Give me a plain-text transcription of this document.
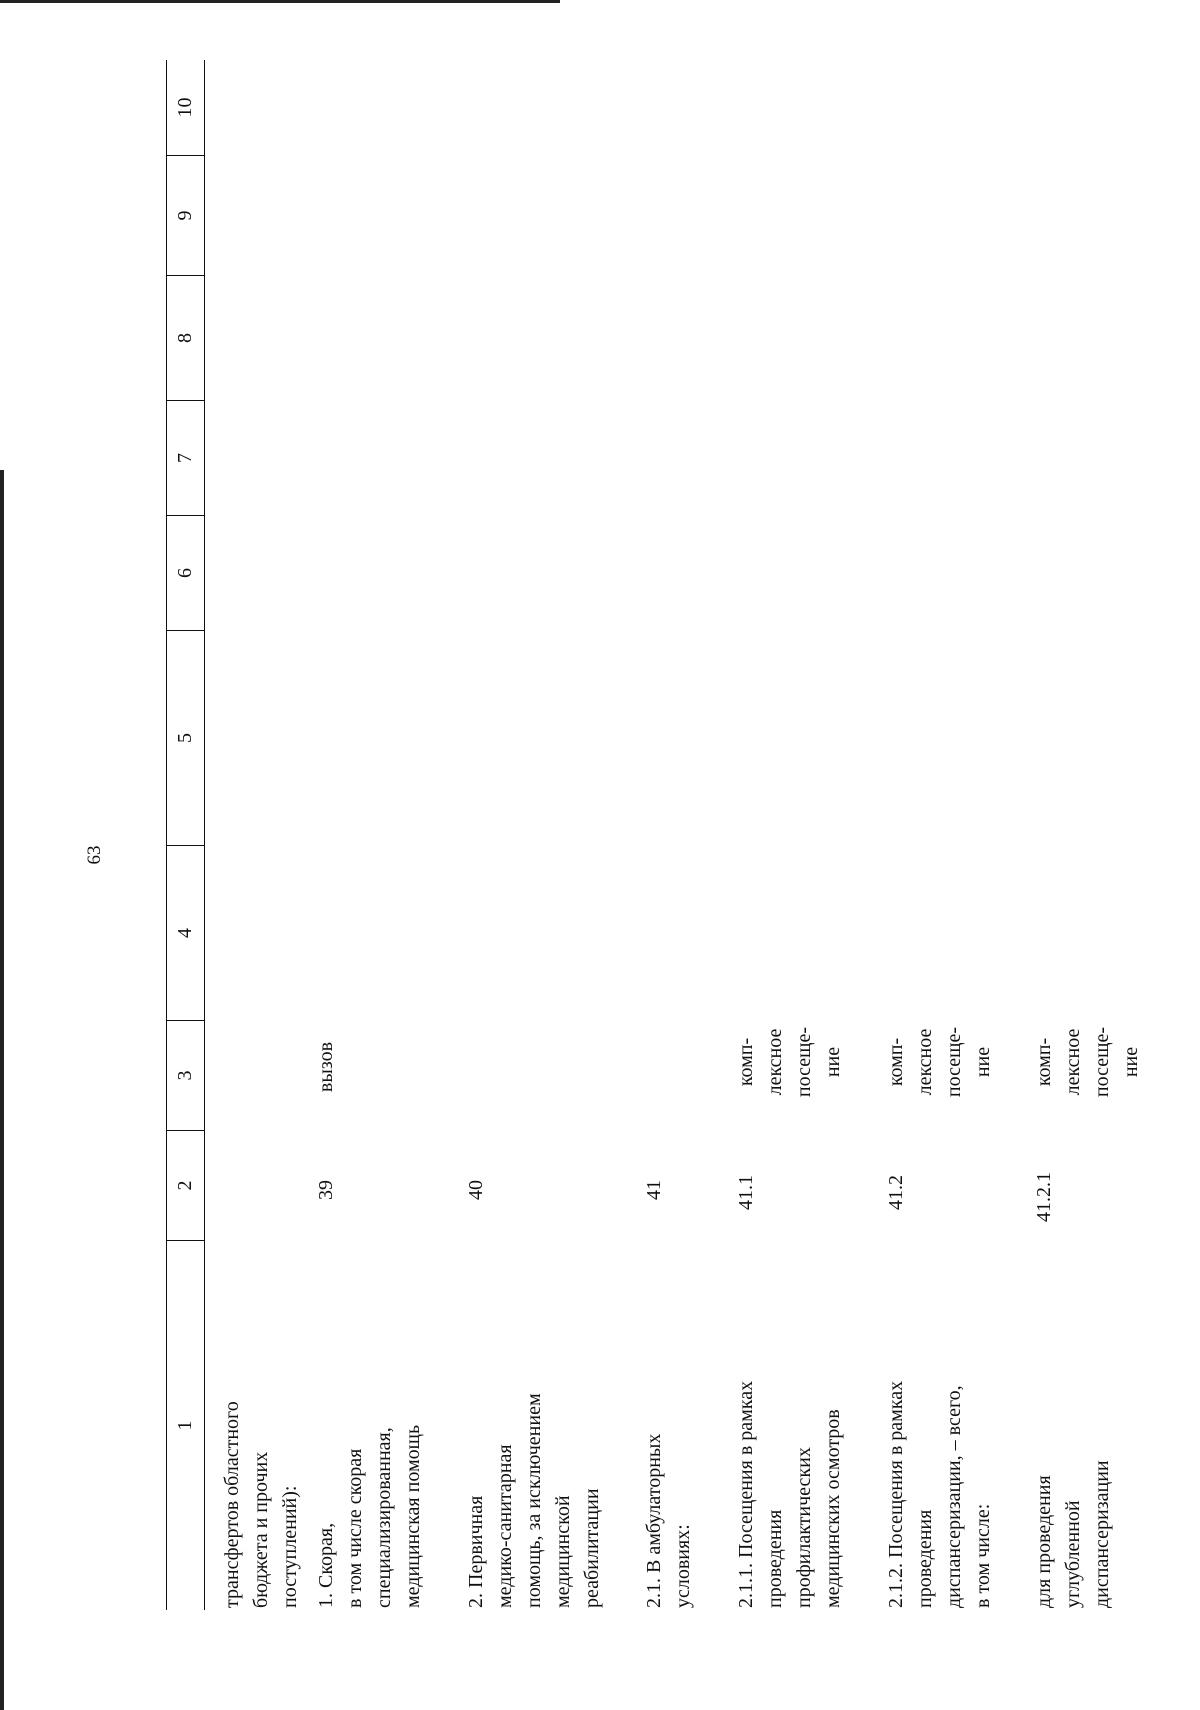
63
1
2
3
4
5
6
7
8
9
10
трансфертов областного бюджета и прочих поступлений): 1. Скорая, в том числе скорая специализированная, медицинская помощь
39
вызов
2. Первичная медико-санитарная помощь, за исключением медицинской реабилитации
40
2.1. В амбулаторных условиях:
41
2.1.1. Посещения в рамках проведения профилактических медицинских осмотров
41.1
комп- лексное посеще- ние
2.1.2. Посещения в рамках проведения диспансеризации, – всего, в том числе:
41.2
комп- лексное посеще- ние
для проведения углубленной диспансеризации
41.2.1
комп- лексное посеще- ние
